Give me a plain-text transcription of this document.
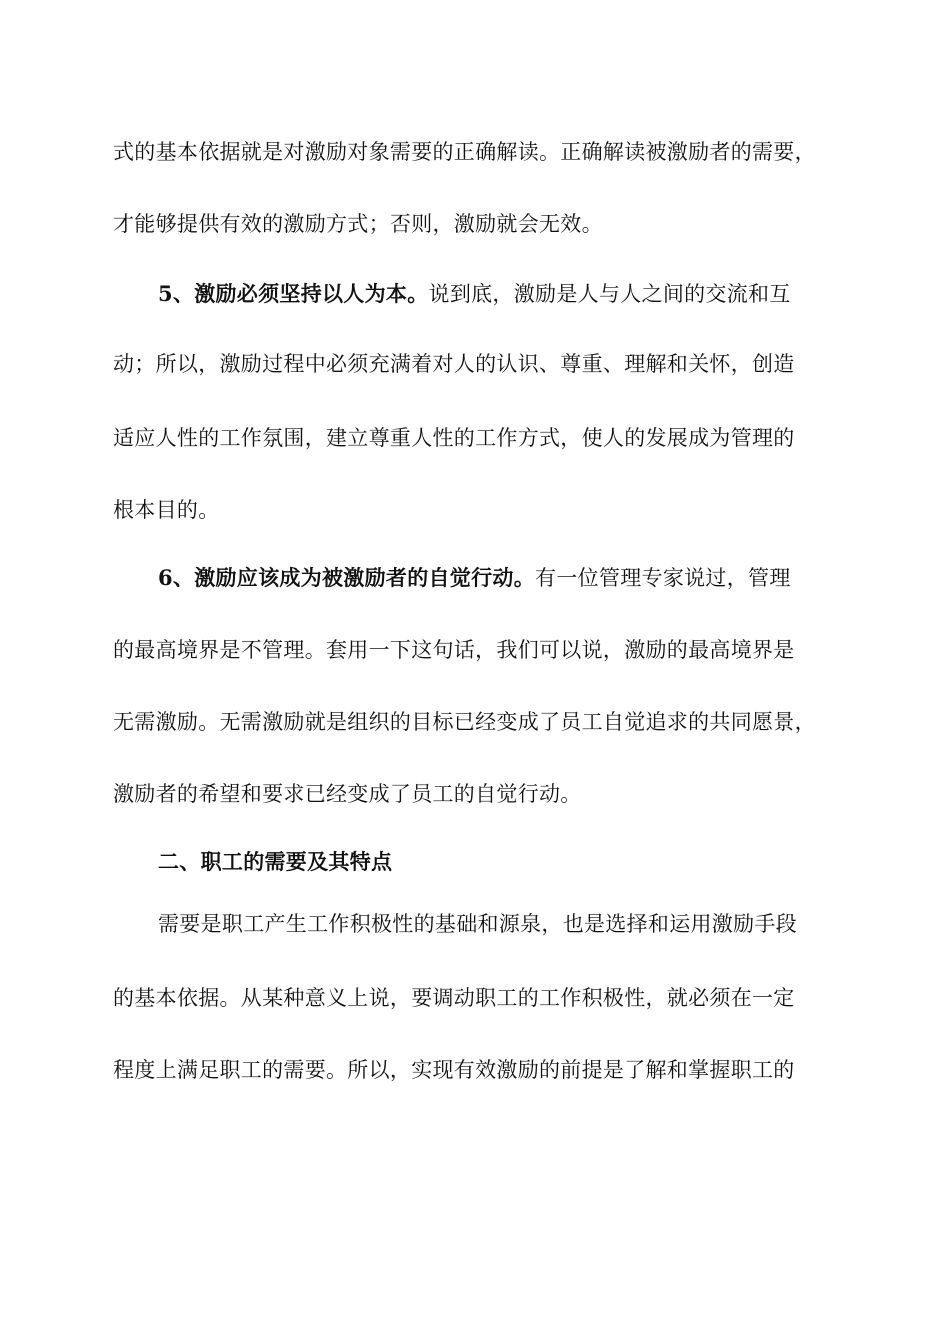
式的基本依据就是对激励对象需要的正确解读。正确解读被激励者的需要，
才能够提供有效的激励方式；否则，激励就会无效。
5、激励必须坚持以人为本。说到底，激励是人与人之间的交流和互
动；所以，激励过程中必须充满着对人的认识、尊重、理解和关怀，创造
适应人性的工作氛围，建立尊重人性的工作方式，使人的发展成为管理的
根本目的。
6、激励应该成为被激励者的自觉行动。有一位管理专家说过，管理
的最高境界是不管理。套用一下这句话，我们可以说，激励的最高境界是
无需激励。无需激励就是组织的目标已经变成了员工自觉追求的共同愿景，
激励者的希望和要求已经变成了员工的自觉行动。
二、职工的需要及其特点
需要是职工产生工作积极性的基础和源泉，也是选择和运用激励手段
的基本依据。从某种意义上说，要调动职工的工作积极性，就必须在一定
程度上满足职工的需要。所以，实现有效激励的前提是了解和掌握职工的
